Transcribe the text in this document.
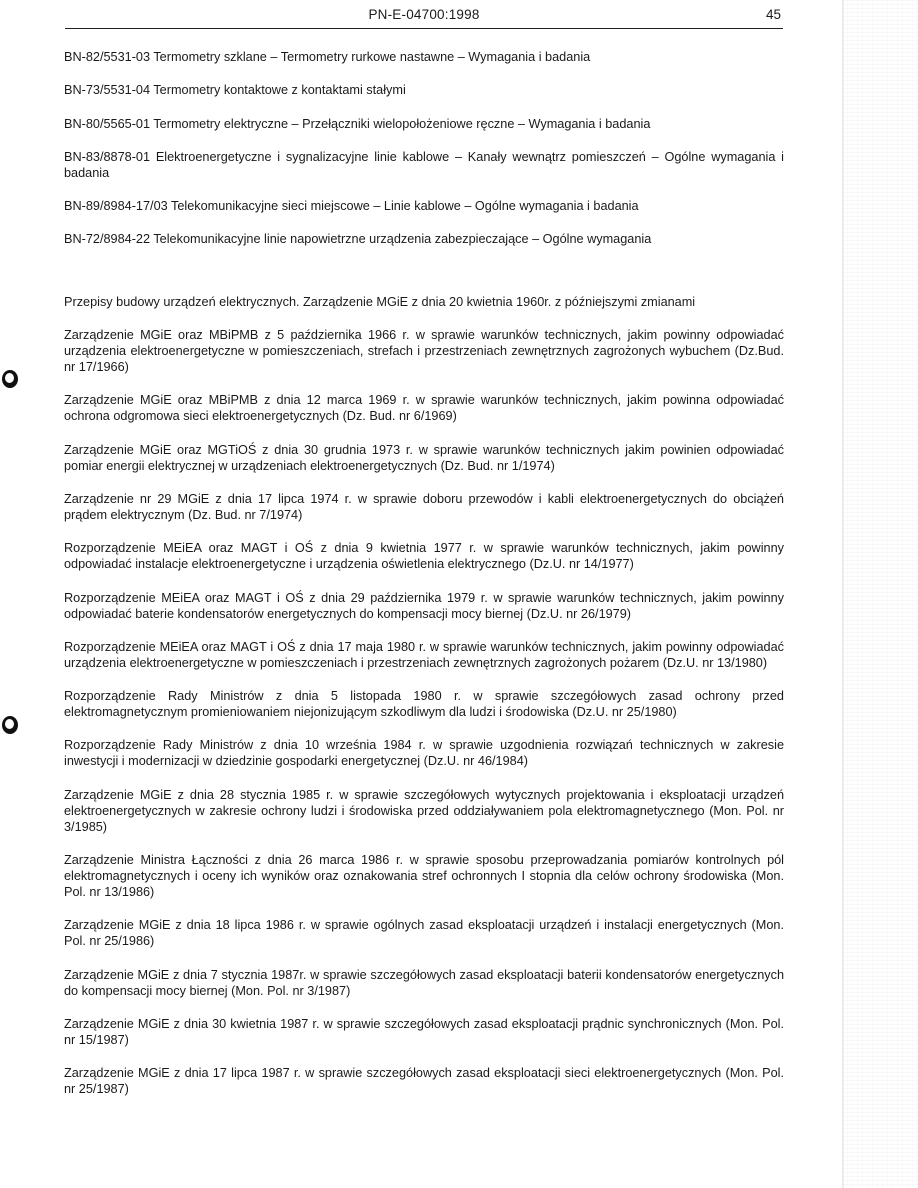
PN-E-04700:1998	45

BN-82/5531-03 Termometry szklane – Termometry rurkowe nastawne – Wymagania i badania

BN-73/5531-04 Termometry kontaktowe z kontaktami stałymi

BN-80/5565-01 Termometry elektryczne – Przełączniki wielopołożeniowe ręczne – Wymagania i badania

BN-83/8878-01 Elektroenergetyczne i sygnalizacyjne linie kablowe – Kanały wewnątrz pomieszczeń – Ogólne wymagania i badania

BN-89/8984-17/03 Telekomunikacyjne sieci miejscowe – Linie kablowe – Ogólne wymagania i badania

BN-72/8984-22 Telekomunikacyjne linie napowietrzne urządzenia zabezpieczające – Ogólne wymagania

Przepisy budowy urządzeń elektrycznych. Zarządzenie MGiE z dnia 20 kwietnia 1960r. z późniejszymi zmianami

Zarządzenie MGiE oraz MBiPMB z 5 października 1966 r. w sprawie warunków technicznych, jakim powinny odpowiadać urządzenia elektroenergetyczne w pomieszczeniach, strefach i przestrzeniach zewnętrznych zagrożonych wybuchem (Dz.Bud. nr 17/1966)

Zarządzenie MGiE oraz MBiPMB z dnia 12 marca 1969 r. w sprawie warunków technicznych, jakim powinna odpowiadać ochrona odgromowa sieci elektroenergetycznych (Dz. Bud. nr 6/1969)

Zarządzenie MGiE oraz MGTiOŚ z dnia 30 grudnia 1973 r. w sprawie warunków technicznych jakim powinien odpowiadać pomiar energii elektrycznej w urządzeniach elektroenergetycznych (Dz. Bud. nr 1/1974)

Zarządzenie nr 29 MGiE z dnia 17 lipca 1974 r. w sprawie doboru przewodów i kabli elektroenergetycznych do obciążeń prądem elektrycznym (Dz. Bud. nr 7/1974)

Rozporządzenie MEiEA oraz MAGT i OŚ z dnia 9 kwietnia 1977 r. w sprawie warunków technicznych, jakim powinny odpowiadać instalacje elektroenergetyczne i urządzenia oświetlenia elektrycznego (Dz.U. nr 14/1977)

Rozporządzenie MEiEA oraz MAGT i OŚ z dnia 29 października 1979 r. w sprawie warunków technicznych, jakim powinny odpowiadać baterie kondensatorów energetycznych do kompensacji mocy biernej (Dz.U. nr 26/1979)

Rozporządzenie MEiEA oraz MAGT i OŚ z dnia 17 maja 1980 r. w sprawie warunków technicznych, jakim powinny odpowiadać urządzenia elektroenergetyczne w pomieszczeniach i przestrzeniach zewnętrznych zagrożonych pożarem (Dz.U. nr 13/1980)

Rozporządzenie Rady Ministrów z dnia 5 listopada 1980 r. w sprawie szczegółowych zasad ochrony przed elektromagnetycznym promieniowaniem niejonizującym szkodliwym dla ludzi i środowiska (Dz.U. nr 25/1980)

Rozporządzenie Rady Ministrów z dnia 10 września 1984 r. w sprawie uzgodnienia rozwiązań technicznych w zakresie inwestycji i modernizacji w dziedzinie gospodarki energetycznej (Dz.U. nr 46/1984)

Zarządzenie MGiE z dnia 28 stycznia 1985 r. w sprawie szczegółowych wytycznych projektowania i eksploatacji urządzeń elektroenergetycznych w zakresie ochrony ludzi i środowiska przed oddziaływaniem pola elektromagnetycznego (Mon. Pol. nr 3/1985)

Zarządzenie Ministra Łączności z dnia 26 marca 1986 r. w sprawie sposobu przeprowadzania pomiarów kontrolnych pól elektromagnetycznych i oceny ich wyników oraz oznakowania stref ochronnych I stopnia dla celów ochrony środowiska (Mon. Pol. nr 13/1986)

Zarządzenie MGiE z dnia 18 lipca 1986 r. w sprawie ogólnych zasad eksploatacji urządzeń i instalacji energetycznych (Mon. Pol. nr 25/1986)

Zarządzenie MGiE z dnia 7 stycznia 1987r. w sprawie szczegółowych zasad eksploatacji baterii kondensatorów energetycznych do kompensacji mocy biernej (Mon. Pol. nr 3/1987)

Zarządzenie MGiE z dnia 30 kwietnia 1987 r. w sprawie szczegółowych zasad eksploatacji prądnic synchronicznych (Mon. Pol. nr 15/1987)

Zarządzenie MGiE z dnia 17 lipca 1987 r. w sprawie szczegółowych zasad eksploatacji sieci elektroenergetycznych (Mon. Pol. nr 25/1987)
